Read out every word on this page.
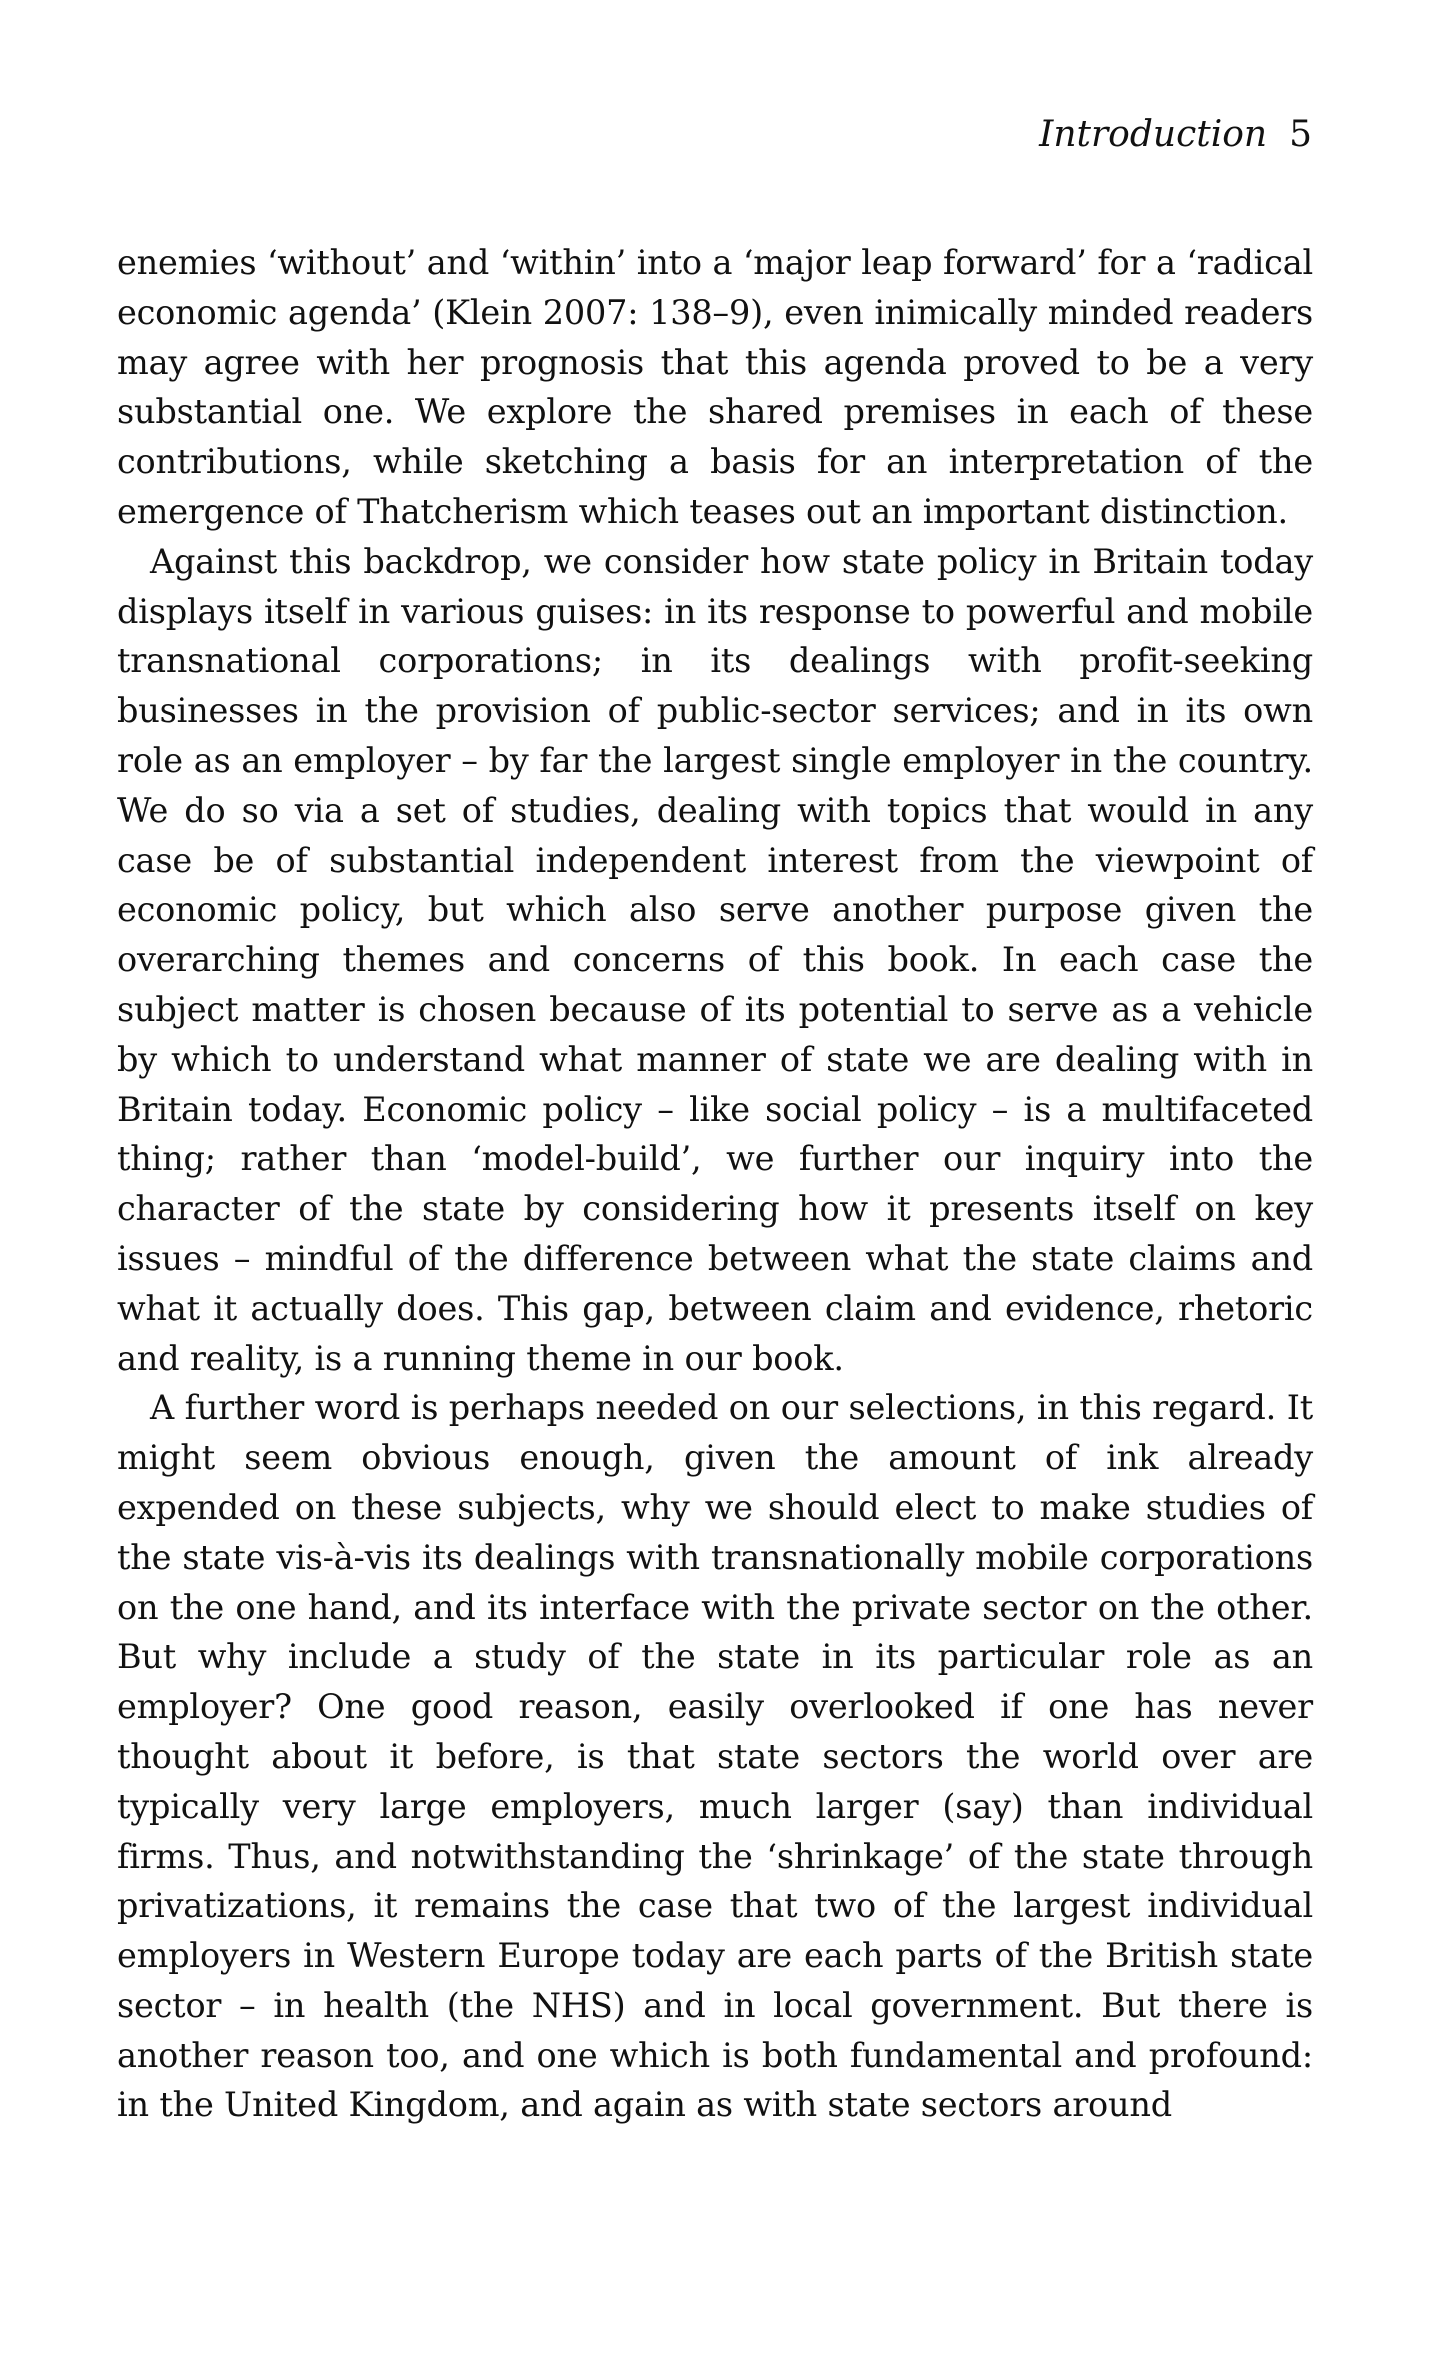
Introduction 5

enemies ‘without’ and ‘within’ into a ‘major leap forward’ for a ‘radical economic agenda’ (Klein 2007: 138–9), even inimically minded readers may agree with her prognosis that this agenda proved to be a very substantial one. We explore the shared premises in each of these contributions, while sketching a basis for an interpretation of the emergence of Thatcherism which teases out an important distinction.

Against this backdrop, we consider how state policy in Britain today displays itself in various guises: in its response to powerful and mobile transnational corporations; in its dealings with profit-seeking businesses in the provision of public-sector services; and in its own role as an employer – by far the largest single employer in the country. We do so via a set of studies, dealing with topics that would in any case be of substantial independent interest from the viewpoint of economic policy, but which also serve another purpose given the overarching themes and concerns of this book. In each case the subject matter is chosen because of its potential to serve as a vehicle by which to understand what manner of state we are dealing with in Britain today. Economic policy – like social policy – is a multifaceted thing; rather than ‘model-build’, we further our inquiry into the character of the state by considering how it presents itself on key issues – mindful of the difference between what the state claims and what it actually does. This gap, between claim and evidence, rhetoric and reality, is a running theme in our book.

A further word is perhaps needed on our selections, in this regard. It might seem obvious enough, given the amount of ink already expended on these subjects, why we should elect to make studies of the state vis-à-vis its dealings with transnationally mobile corporations on the one hand, and its interface with the private sector on the other. But why include a study of the state in its particular role as an employer? One good reason, easily overlooked if one has never thought about it before, is that state sectors the world over are typically very large employers, much larger (say) than individual firms. Thus, and notwithstanding the ‘shrinkage’ of the state through privatizations, it remains the case that two of the largest individual employers in Western Europe today are each parts of the British state sector – in health (the NHS) and in local government. But there is another reason too, and one which is both fundamental and profound: in the United Kingdom, and again as with state sectors around
